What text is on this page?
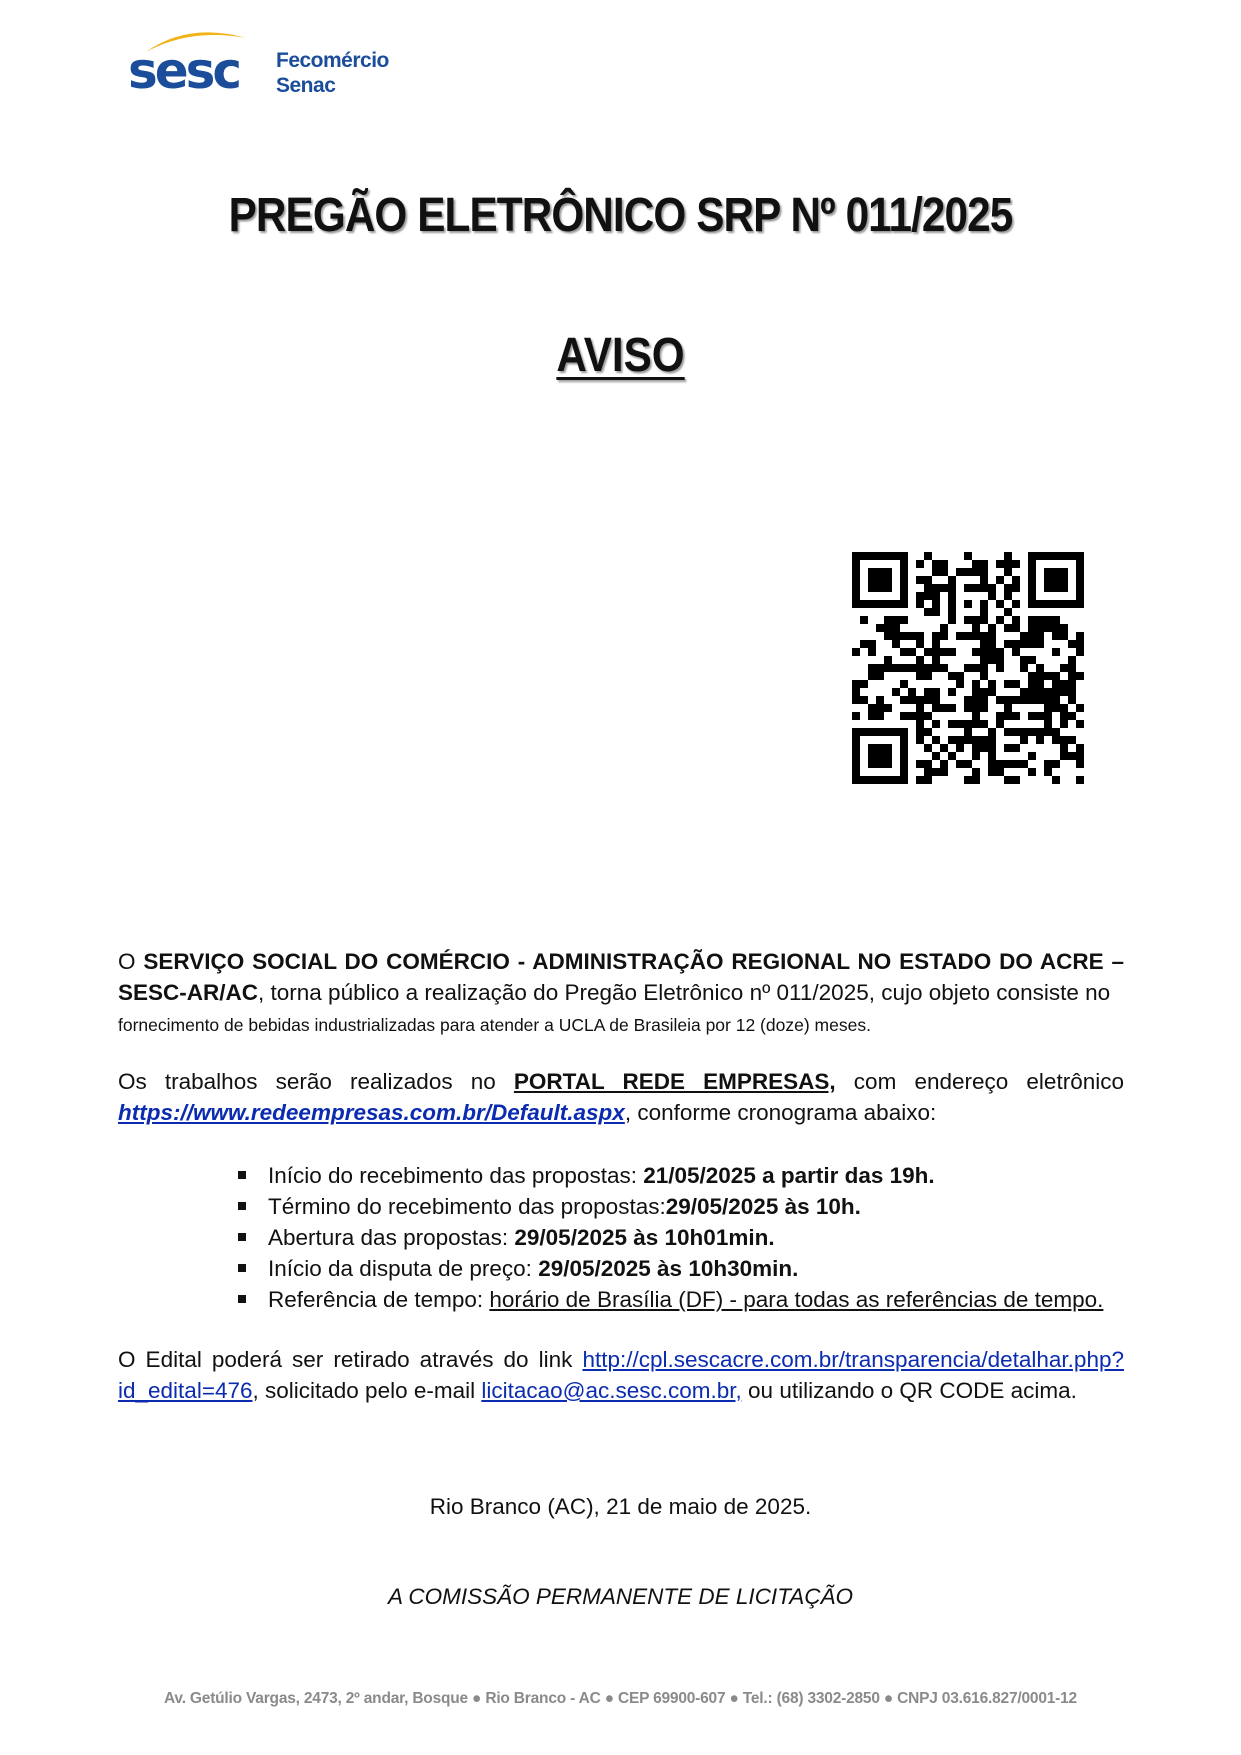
sesc Fecomércio
Senac
PREGÃO ELETRÔNICO SRP Nº 011/2025
AVISO
O SERVIÇO SOCIAL DO COMÉRCIO - ADMINISTRAÇÃO REGIONAL NO ESTADO DO ACRE – SESC-AR/AC, torna público a realização do Pregão Eletrônico nº 011/2025, cujo objeto consiste no
fornecimento de bebidas industrializadas para atender a UCLA de Brasileia por 12 (doze) meses.
Os trabalhos serão realizados no PORTAL REDE EMPRESAS, com endereço eletrônico https://www.redeempresas.com.br/Default.aspx, conforme cronograma abaixo:
Início do recebimento das propostas: 21/05/2025 a partir das 19h.
Término do recebimento das propostas:29/05/2025 às 10h.
Abertura das propostas: 29/05/2025 às 10h01min.
Início da disputa de preço: 29/05/2025 às 10h30min.
Referência de tempo: horário de Brasília (DF) - para todas as referências de tempo.
O Edital poderá ser retirado através do link http://cpl.sescacre.com.br/transparencia/detalhar.php?id_edital=476, solicitado pelo e-mail licitacao@ac.sesc.com.br, ou utilizando o QR CODE acima.
Rio Branco (AC), 21 de maio de 2025.
A COMISSÃO PERMANENTE DE LICITAÇÃO
Av. Getúlio Vargas, 2473, 2º andar, Bosque ● Rio Branco - AC ● CEP 69900-607 ● Tel.: (68) 3302-2850 ● CNPJ 03.616.827/0001-12
